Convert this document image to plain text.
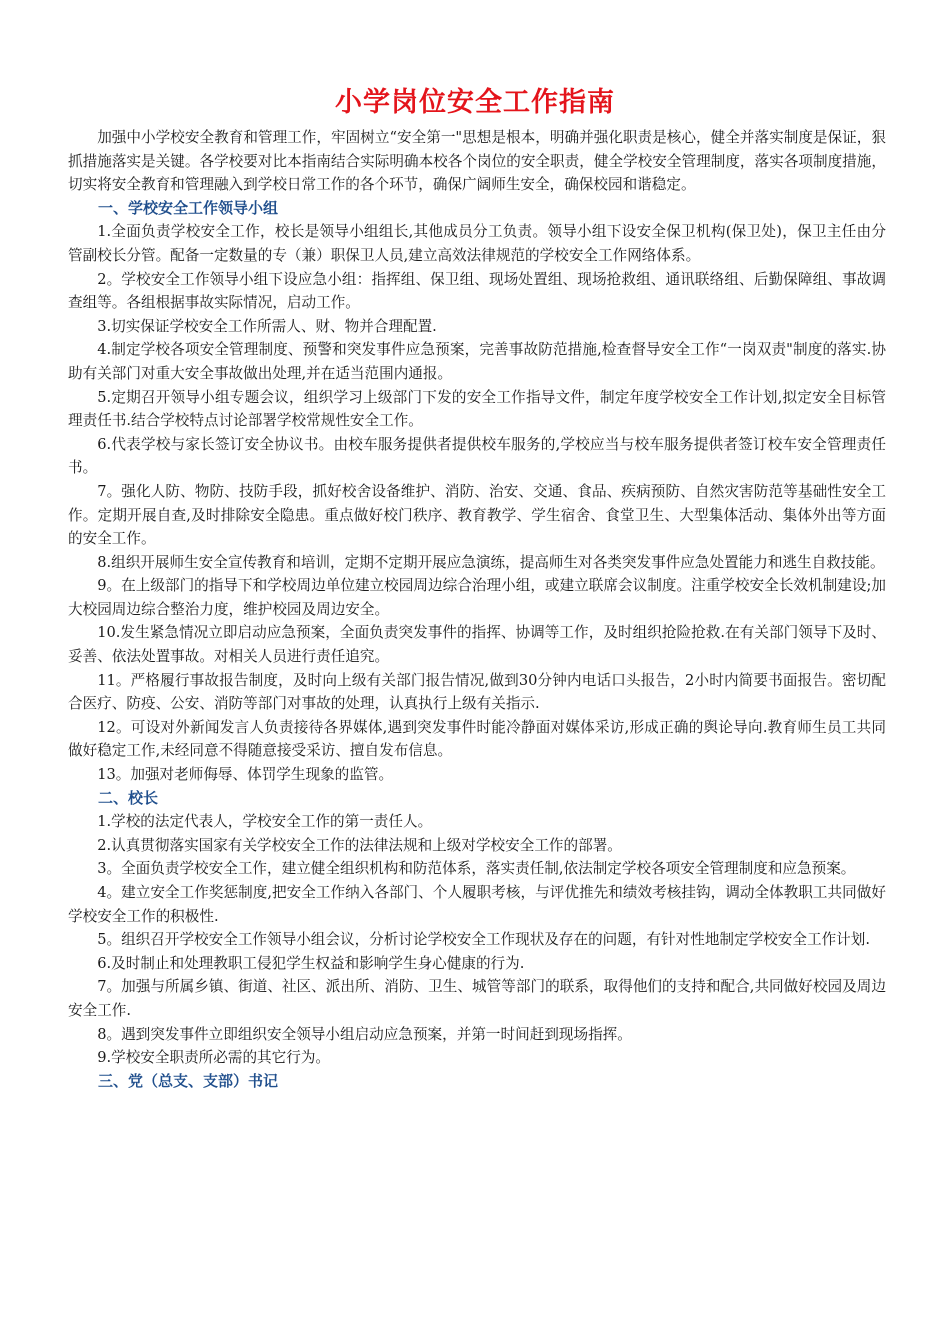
小学岗位安全工作指南

加强中小学校安全教育和管理工作，牢固树立“安全第一"思想是根本，明确并强化职责是核心，健全并落实制度是保证，狠抓措施落实是关键。各学校要对比本指南结合实际明确本校各个岗位的安全职责，健全学校安全管理制度，落实各项制度措施，切实将安全教育和管理融入到学校日常工作的各个环节，确保广阔师生安全，确保校园和谐稳定。

一、学校安全工作领导小组

1.全面负责学校安全工作，校长是领导小组组长,其他成员分工负责。领导小组下设安全保卫机构(保卫处)，保卫主任由分管副校长分管。配备一定数量的专（兼）职保卫人员,建立高效法律规范的学校安全工作网络体系。

2。学校安全工作领导小组下设应急小组：指挥组、保卫组、现场处置组、现场抢救组、通讯联络组、后勤保障组、事故调查组等。各组根据事故实际情况，启动工作。

3.切实保证学校安全工作所需人、财、物并合理配置.

4.制定学校各项安全管理制度、预警和突发事件应急预案，完善事故防范措施,检查督导安全工作“一岗双责"制度的落实.协助有关部门对重大安全事故做出处理,并在适当范围内通报。

5.定期召开领导小组专题会议，组织学习上级部门下发的安全工作指导文件，制定年度学校安全工作计划,拟定安全目标管理责任书.结合学校特点讨论部署学校常规性安全工作。

6.代表学校与家长签订安全协议书。由校车服务提供者提供校车服务的,学校应当与校车服务提供者签订校车安全管理责任书。

7。强化人防、物防、技防手段，抓好校舍设备维护、消防、治安、交通、食品、疾病预防、自然灾害防范等基础性安全工作。定期开展自查,及时排除安全隐患。重点做好校门秩序、教育教学、学生宿舍、食堂卫生、大型集体活动、集体外出等方面的安全工作。

8.组织开展师生安全宣传教育和培训，定期不定期开展应急演练，提高师生对各类突发事件应急处置能力和逃生自救技能。

9。在上级部门的指导下和学校周边单位建立校园周边综合治理小组，或建立联席会议制度。注重学校安全长效机制建设;加大校园周边综合整治力度，维护校园及周边安全。

10.发生紧急情况立即启动应急预案，全面负责突发事件的指挥、协调等工作，及时组织抢险抢救.在有关部门领导下及时、妥善、依法处置事故。对相关人员进行责任追究。

11。严格履行事故报告制度，及时向上级有关部门报告情况,做到30分钟内电话口头报告，2小时内简要书面报告。密切配合医疗、防疫、公安、消防等部门对事故的处理，认真执行上级有关指示.

12。可设对外新闻发言人负责接待各界媒体,遇到突发事件时能冷静面对媒体采访,形成正确的舆论导向.教育师生员工共同做好稳定工作,未经同意不得随意接受采访、擅自发布信息。

13。加强对老师侮辱、体罚学生现象的监管。

二、校长

1.学校的法定代表人，学校安全工作的第一责任人。

2.认真贯彻落实国家有关学校安全工作的法律法规和上级对学校安全工作的部署。

3。全面负责学校安全工作，建立健全组织机构和防范体系，落实责任制,依法制定学校各项安全管理制度和应急预案。

4。建立安全工作奖惩制度,把安全工作纳入各部门、个人履职考核，与评优推先和绩效考核挂钩，调动全体教职工共同做好学校安全工作的积极性.

5。组织召开学校安全工作领导小组会议，分析讨论学校安全工作现状及存在的问题，有针对性地制定学校安全工作计划.

6.及时制止和处理教职工侵犯学生权益和影响学生身心健康的行为.

7。加强与所属乡镇、街道、社区、派出所、消防、卫生、城管等部门的联系，取得他们的支持和配合,共同做好校园及周边安全工作.

8。遇到突发事件立即组织安全领导小组启动应急预案，并第一时间赶到现场指挥。

9.学校安全职责所必需的其它行为。

三、党（总支、支部）书记
